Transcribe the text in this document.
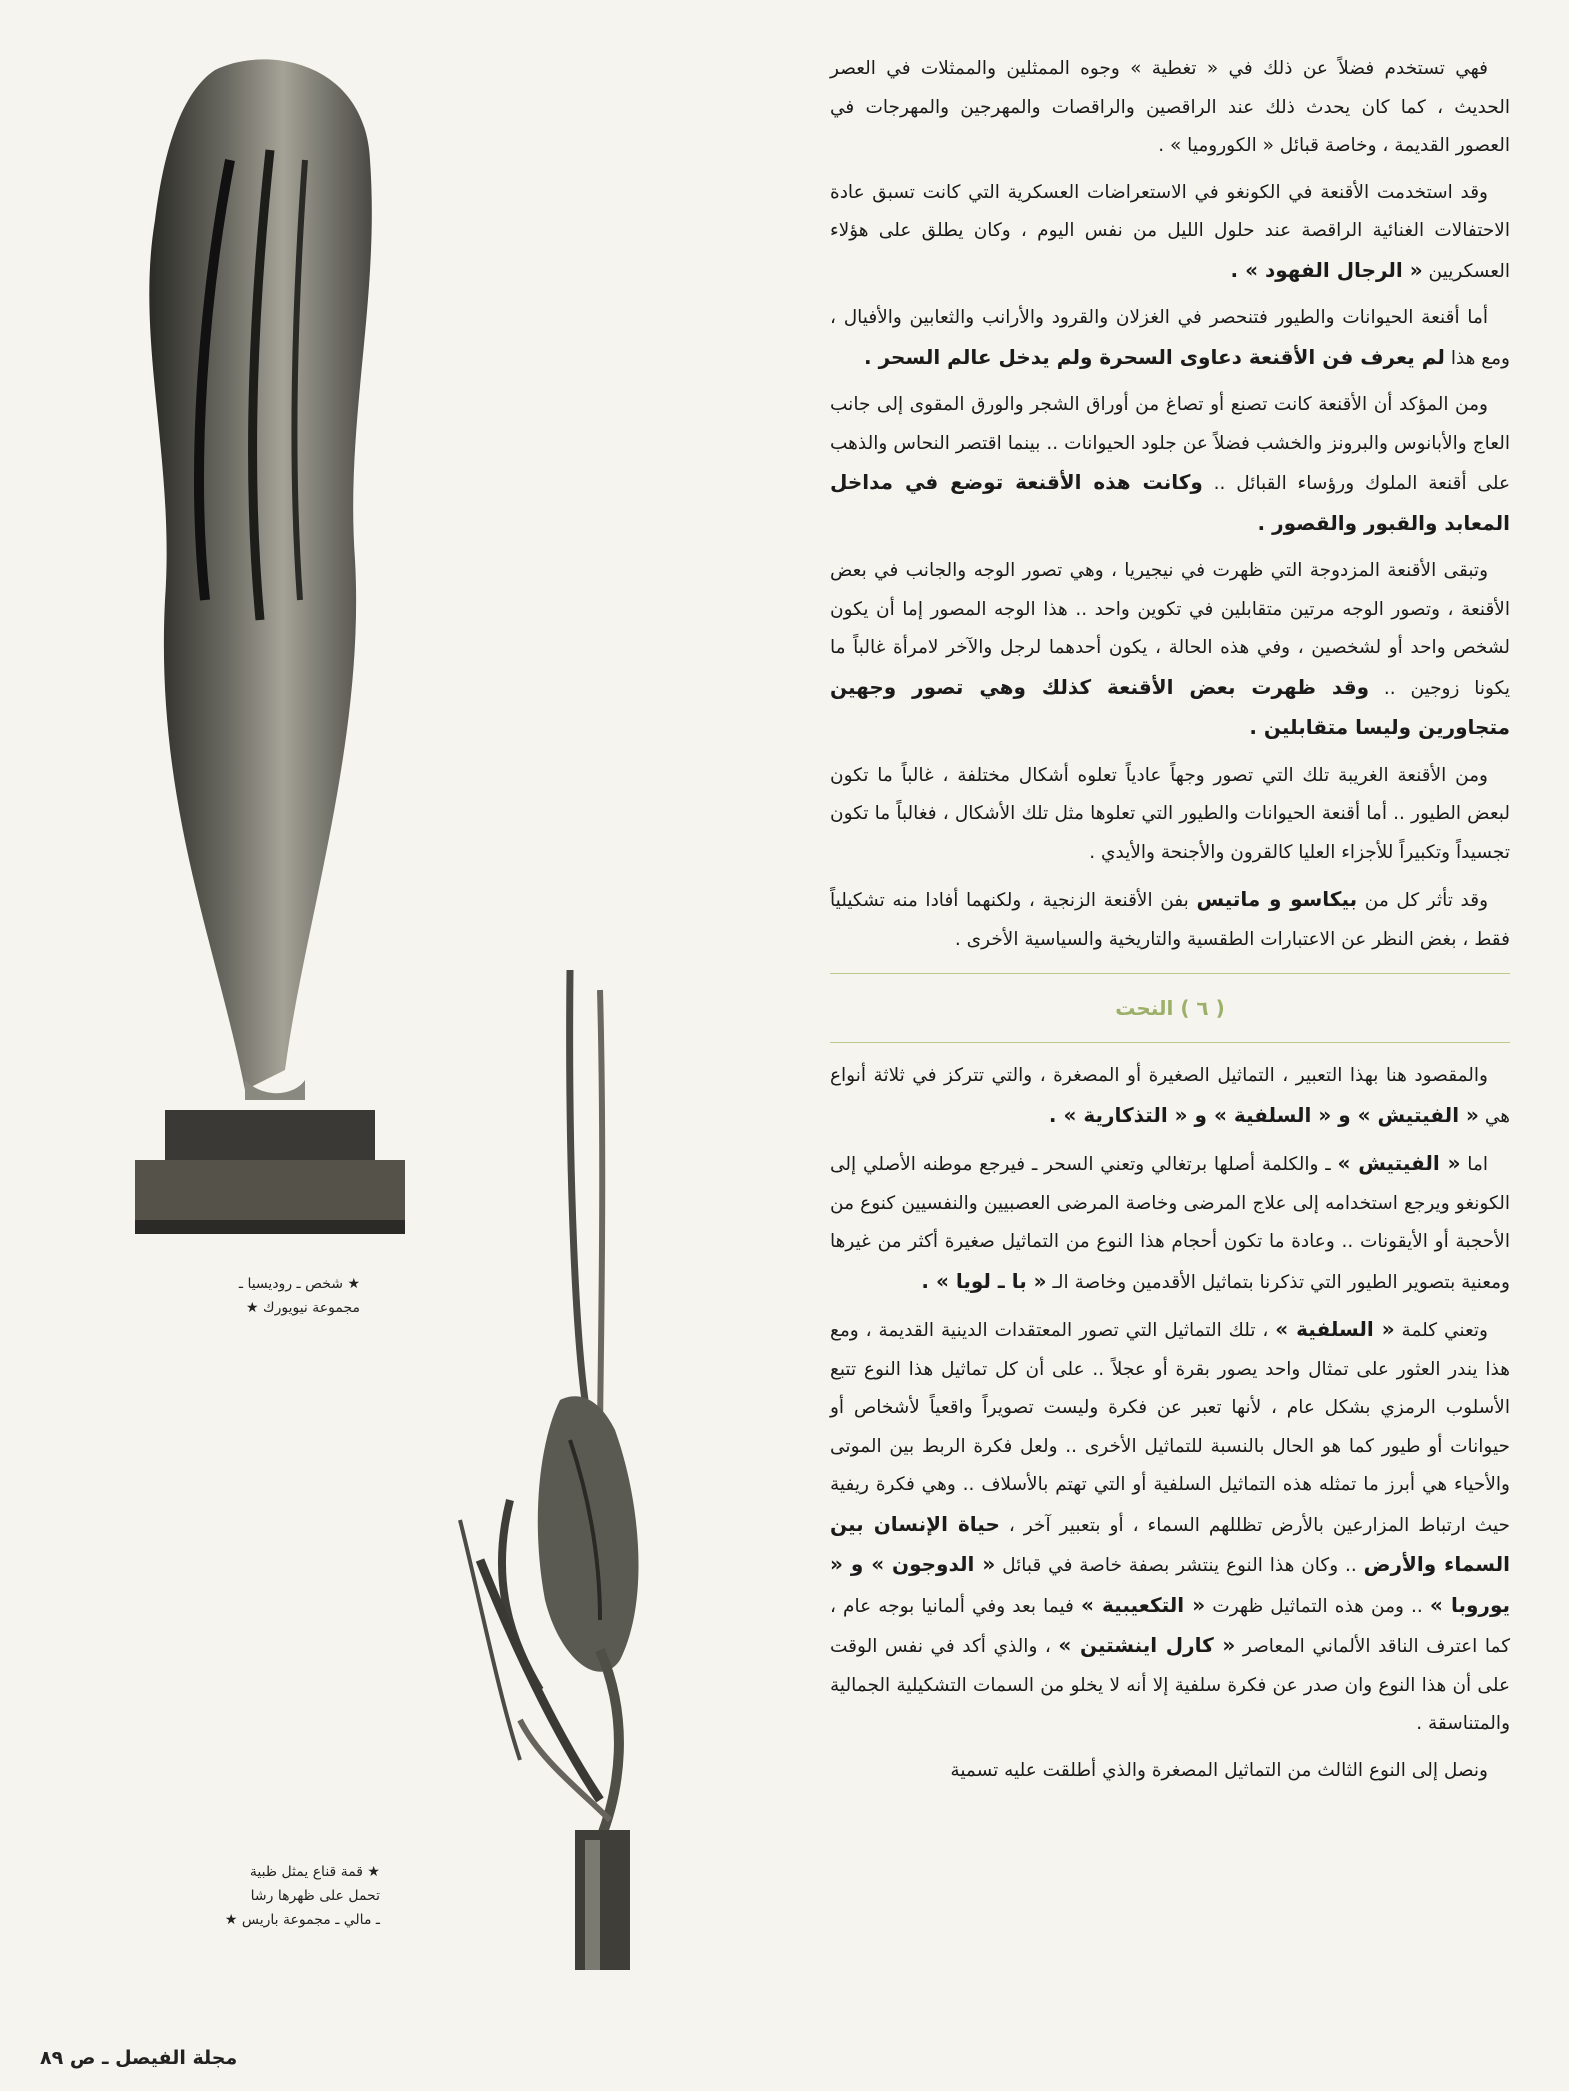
★ شخص ـ روديسيا ـ
مجموعة نيويورك ★
★ قمة قناع يمثل ظبية
تحمل على ظهرها رشا
ـ مالي ـ مجموعة باريس ★

فهي تستخدم فضلاً عن ذلك في « تغطية » وجوه الممثلين والممثلات في العصر الحديث ، كما كان يحدث ذلك عند الراقصين والراقصات والمهرجين والمهرجات في العصور القديمة ، وخاصة قبائل « الكوروميا » .

وقد استخدمت الأقنعة في الكونغو في الاستعراضات العسكرية التي كانت تسبق عادة الاحتفالات الغنائية الراقصة عند حلول الليل من نفس اليوم ، وكان يطلق على هؤلاء العسكريين « الرجال الفهود » .

أما أقنعة الحيوانات والطيور فتنحصر في الغزلان والقرود والأرانب والثعابين والأفيال ، ومع هذا لم يعرف فن الأقنعة دعاوى السحرة ولم يدخل عالم السحر .

ومن المؤكد أن الأقنعة كانت تصنع أو تصاغ من أوراق الشجر والورق المقوى إلى جانب العاج والأبانوس والبرونز والخشب فضلاً عن جلود الحيوانات .. بينما اقتصر النحاس والذهب على أقنعة الملوك ورؤساء القبائل .. وكانت هذه الأقنعة توضع في مداخل المعابد والقبور والقصور .

وتبقى الأقنعة المزدوجة التي ظهرت في نيجيريا ، وهي تصور الوجه والجانب في بعض الأقنعة ، وتصور الوجه مرتين متقابلين في تكوين واحد .. هذا الوجه المصور إما أن يكون لشخص واحد أو لشخصين ، وفي هذه الحالة ، يكون أحدهما لرجل والآخر لامرأة غالباً ما يكونا زوجين .. وقد ظهرت بعض الأقنعة كذلك وهي تصور وجهين متجاورين وليسا متقابلين .

ومن الأقنعة الغريبة تلك التي تصور وجهاً عادياً تعلوه أشكال مختلفة ، غالباً ما تكون لبعض الطيور .. أما أقنعة الحيوانات والطيور التي تعلوها مثل تلك الأشكال ، فغالباً ما تكون تجسيداً وتكبيراً للأجزاء العليا كالقرون والأجنحة والأيدي .

وقد تأثر كل من بيكاسو و ماتيس بفن الأقنعة الزنجية ، ولكنهما أفادا منه تشكيلياً فقط ، بغض النظر عن الاعتبارات الطقسية والتاريخية والسياسية الأخرى .

( ٦ ) النحت

والمقصود هنا بهذا التعبير ، التماثيل الصغيرة أو المصغرة ، والتي تتركز في ثلاثة أنواع هي « الفيتيش » و « السلفية » و « التذكارية » .

اما « الفيتيش » ـ والكلمة أصلها برتغالي وتعني السحر ـ فيرجع موطنه الأصلي إلى الكونغو ويرجع استخدامه إلى علاج المرضى وخاصة المرضى العصبيين والنفسيين كنوع من الأحجبة أو الأيقونات .. وعادة ما تكون أحجام هذا النوع من التماثيل صغيرة أكثر من غيرها ومعنية بتصوير الطيور التي تذكرنا بتماثيل الأقدمين وخاصة الـ « با ـ لويا » .

وتعني كلمة « السلفية » ، تلك التماثيل التي تصور المعتقدات الدينية القديمة ، ومع هذا يندر العثور على تمثال واحد يصور بقرة أو عجلاً .. على أن كل تماثيل هذا النوع تتبع الأسلوب الرمزي بشكل عام ، لأنها تعبر عن فكرة وليست تصويراً واقعياً لأشخاص أو حيوانات أو طيور كما هو الحال بالنسبة للتماثيل الأخرى .. ولعل فكرة الربط بين الموتى والأحياء هي أبرز ما تمثله هذه التماثيل السلفية أو التي تهتم بالأسلاف .. وهي فكرة ريفية حيث ارتباط المزارعين بالأرض تظللهم السماء ، أو بتعبير آخر ، حياة الإنسان بين السماء والأرض .. وكان هذا النوع ينتشر بصفة خاصة في قبائل « الدوجون » و « يوروبا » .. ومن هذه التماثيل ظهرت « التكعيبية » فيما بعد وفي ألمانيا بوجه عام ، كما اعترف الناقد الألماني المعاصر « كارل اينشتين » ، والذي أكد في نفس الوقت على أن هذا النوع وان صدر عن فكرة سلفية إلا أنه لا يخلو من السمات التشكيلية الجمالية والمتناسقة .

ونصل إلى النوع الثالث من التماثيل المصغرة والذي أطلقت عليه تسمية

مجلة الفيصل ـ ص ٨٩
